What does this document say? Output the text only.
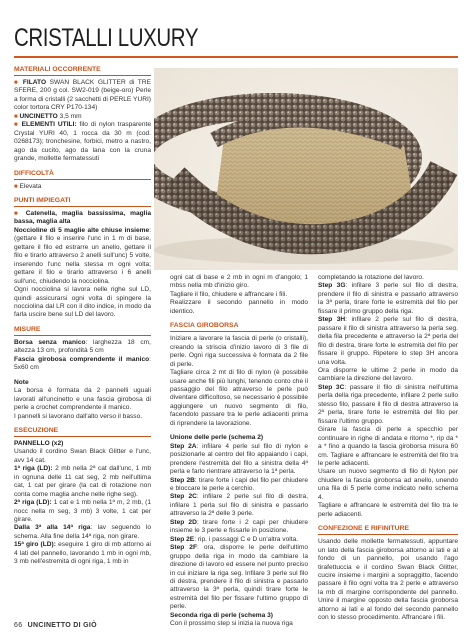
CRISTALLI LUXURY
MATERIALI OCCORRENTE

■ FILATO SWAN BLACK GLITTER di TRE SFERE, 200 g col. SW2-019 (beige-oro) Perle a forma di cristalli (2 sacchetti di PERLE YURI) color tortora CRY P170-134)

■ UNCINETTO 3,5 mm

■ ELEMENTI UTILI: filo di nylon trasparente Crystal YURI 40, 1 rocca da 30 m (cod. 0268173); tronchesine, forbici, metro a nastro, ago da cucito, ago da lana con la cruna grande, mollette fermatessuti

DIFFICOLTÀ

■ Elevata

PUNTI IMPIEGATI

■ Catenella, maglia bassissima, maglia bassa, maglia alta

Noccioline di 5 maglie alte chiuse insieme: (gettare il filo e inserire l'unc in 1 m di base, gettare il filo ed estrarre un anello, gettare il filo e tirarlo attraverso 2 anelli sull'unc) 5 volte, inserendo l'unc nella stessa m ogni volta; gettare il filo e tirarlo attraverso i 6 anelli sull'unc, chiudendo la nocciolina.

Ogni nocciolina si lavora nelle righe sul LD, quindi assicurarsi ogni volta di spingere la nocciolina dal LR con il dito indice, in modo da farla uscire bene sul LD del lavoro.

MISURE

Borsa senza manico: larghezza 18 cm, altezza 13 cm, profondità 5 cm

Fascia girobosa comprendente il manico: 5x60 cm

Note

La borsa è formata da 2 pannelli uguali lavorati all'uncinetto e una fascia girobosa di perle a crochet comprendente il manico.

I pannelli si lavorano dall'alto verso il basso.

ESECUZIONE

PANNELLO (x2)

Usando il cordino Swan Black Glitter e l'unc, avv 14 cat.

1ª riga (LD): 2 mb nella 2ª cat dall'unc, 1 mb in ognuna delle 11 cat seg, 2 mb nell'ultima cat, 1 cat per girare (la cat di rotazione non conta come maglia anche nelle righe seg).

2ª riga (LD): 1 cat e 1 mb nella 1ª m, 2 mb, (1 nocc nella m seg, 3 mb) 3 volte, 1 cat per girare.

Dalla 3ª alla 14ª riga: lav seguendo lo schema. Alla fine della 14ª riga, non girare.

15ª giro (LD): eseguire 1 giro di mb attorno ai 4 lati del pannello, lavorando 1 mb in ogni mb, 3 mb nell'estremità di ogni riga, 1 mb in

ogni cat di base e 2 mb in ogni m d'angolo; 1 mbss nella mb d'inizio giro.

Tagliare il filo, chiudere e affrancare i fili.

Realizzare il secondo pannello in modo identico.

FASCIA GIROBORSA

Iniziare a lavorare la fascia di perle (o cristalli), creando la striscia d'inizio lavoro di 3 file di perle. Ogni riga successiva è formata da 2 file di perle.

Tagliare circa 2 mt di filo di nylon (è possibile usare anche fili più lunghi, tenendo conto che il passaggio del filo attraverso le perle può diventare difficoltoso, se necessario è possibile aggiungere un nuovo segmento di filo, facendolo passare tra le perle adiacenti prima di riprendere la lavorazione.

Unione delle perle (schema 2)

Step 2A: infilare 4 perle sul filo di nylon e posizionarle al centro del filo appaiando i capi, prendere l'estremità del filo a sinistra della 4ª perla e farlo rientrare attraverso la 1ª perla.

Step 2B: tirare forte i capi del filo per chiudere e bloccare le perle a cerchio.

Step 2C: infilare 2 perle sul filo di destra, infilare 1 perla sul filo di sinistra e passarlo attraverso la 2ª delle 3 perle.

Step 2D: tirare forte i 2 capi per chiudere insieme le 3 perle e fissarle in posizione.

Step 2E: rip. i passaggi C e D un'altra volta.

Step 2F: ora, disporre le perle dell'ultimo gruppo della riga in modo da cambiare la direzione di lavoro ed essere nel punto preciso in cui iniziare la riga seg. Infilare 3 perle sul filo di destra, prendere il filo di sinistra e passarlo attraverso la 3ª perla, quindi tirare forte le estremità del filo per fissare l'ultimo gruppo di perle.

Seconda riga di perle (schema 3)

Con il prossimo step si inizia la nuova riga

completando la rotazione del lavoro.

Step 3G: infilare 3 perle sul filo di destra, prendere il filo di sinistra e passarlo attraverso la 3ª perla, tirare forte le estremità del filo per fissare il primo gruppo della riga.

Step 3H: infilare 2 perle sul filo di destra, passare il filo di sinistra attraverso la perla seg. della fila precedente e attraverso la 2ª perla del filo di destra, tirare forte le estremità del filo per fissare il gruppo. Ripetere lo step 3H ancora una volta.

Ora disporre le ultime 2 perle in modo da cambiare la direzione del lavoro.

Step 3C: passare il filo di sinistra nell'ultima perla della riga precedente, infilare 2 perle sullo stesso filo, passare il filo di destra attraverso la 2ª perla, tirare forte le estremità del filo per fissare l'ultimo gruppo.

Girare la fascia di perle a specchio per continuare in righe di andata e ritorno *, rip da * a * fino a quando la fascia giroborsa misura 60 cm. Tagliare e affrancare le estremità del filo tra le perle adiacenti.

Usare un nuovo segmento di filo di Nylon per chiudere la fascia giroborsa ad anello, unendo una fila di 5 perle come indicato nello schema 4.

Tagliare e affrancare le estremità del filo tra le perle adiacenti.

CONFEZIONE E RIFINITURE

Usando delle mollette fermatessuti, appuntare un lato della fascia giroborsa attorno ai lati e al fondo di un pannello, poi usando l'ago tirafettuccia e il cordino Swan Black Glitter, cucire insieme i margini a sopraggitto, facendo passare il filo ogni volta tra 2 perle e attraverso la mb di margine corrispondente del pannello. Unire il margine opposto della fascia giroborsa attorno ai lati e al fondo del secondo pannello con lo stesso procedimento. Affrancare i fili.

66 UNCINETTO DI GIÒ
